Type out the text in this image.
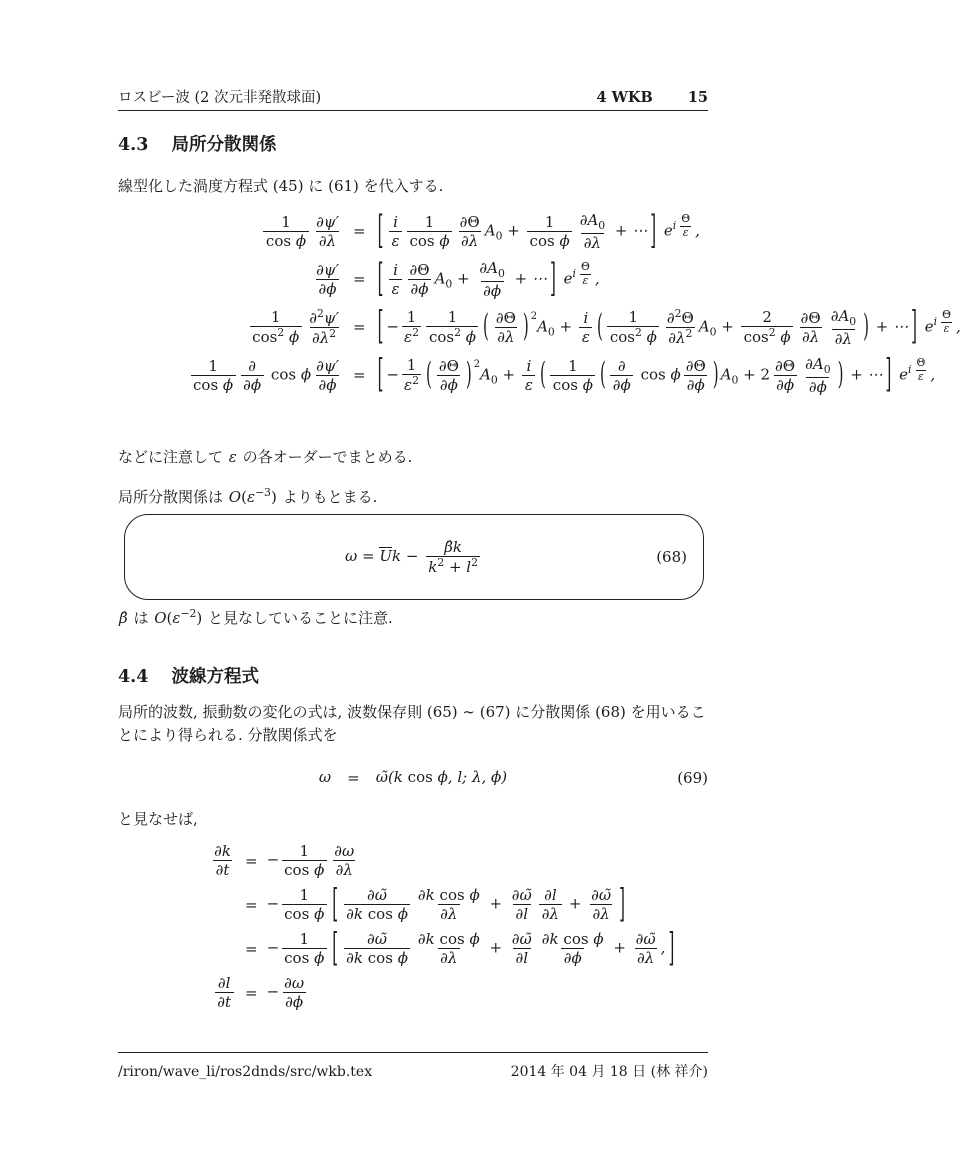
ロスビー波 (2 次元非発散球面)	4 WKB 15
4.3 局所分散関係

線型化した渦度方程式 (45) に (61) を代入する.

$\frac{1}{\text{cos ϕ}} \frac{\partial\psi'}{\partial\lambda}$ = [ $\frac{i}{\varepsilon} \frac{1}{\text{cos ϕ}} \frac{\partial\Theta}{\partial\lambda} A_0 + \frac{1}{\text{cos ϕ}} \frac{\partial A_0}{\partial\lambda}$ + ⋯ ] $e^{i \frac{\Theta}{\varepsilon}}$ ,
$\frac{\partial\psi'}{\partial\phi}$ = [ $\frac{i}{\varepsilon} \frac{\partial\Theta}{\partial\phi} A_0 + \frac{\partial A_0}{\partial\phi}$ + ⋯ ] $e^{i \frac{\Theta}{\varepsilon}}$ ,
$\frac{1}{\cos^2 \phi} \frac{\partial^2\psi'}{\partial\lambda^2}$ = [ − $\frac{1}{\varepsilon^2} \frac{1}{\cos^2 \phi}$ ( $\frac{\partial\Theta}{\partial\lambda}$ ) $^2A_0 + \frac{i}{\varepsilon}$ ( $\frac{1}{\cos^2 \phi} \frac{\partial^2\Theta}{\partial\lambda^2} A_0 + \frac{2}{\cos^2 \phi} \frac{\partial\Theta}{\partial\lambda} \frac{\partial A_0}{\partial\lambda}$ ) + ⋯ ] $e^{i \frac{\Theta}{\varepsilon}}$ ,
$\frac{1}{\text{cos ϕ}}$ ∂
∂ϕ
cos ϕ $\frac{\partial\psi'}{\partial\phi}$ = [ − $\frac{1}{\varepsilon^2}$ ( $\frac{\partial\Theta}{\partial\phi}$ ) $^2A_0 + \frac{i}{\varepsilon}$ ( $\frac{1}{\text{cos ϕ}}$ ( ∂
∂ϕ
cos ϕ $\frac{\partial\Theta}{\partial\phi}$ ) $A_0 + 2 \frac{\partial\Theta}{\partial\phi} \frac{\partial A_0}{\partial\phi}$ ) + ⋯ ] $e^{i \frac{\Theta}{\varepsilon}}$ ,

などに注意して ε の各オーダーでまとめる.

局所分散関係は $O(\varepsilon^{-3})$ よりもとまる.

$\omega = Uk - \frac{\betâk}{k^2 + l^2}$	(68)

β̂ は $O(\varepsilon^{-2})$ と見なしていることに注意.

4.4 波線方程式

局所的波数, 振動数の変化の式は, 波数保存則 (65) ∼ (67) に分散関係 (68) を用いることにより得られる. 分散関係式を

ω = ω̃(k cos ϕ, l; λ, ϕ)	(69)

と見なせば,

$\frac{\partial k}{\partial t}$ = − $\frac{1}{\text{cos ϕ}} \frac{\partial\omega}{\partial\lambda}$
= − $\frac{1}{\text{cos ϕ}}$ [ $\frac{\partial\omegã}{\text{∂k cos ϕ}} \frac{\text{∂k cos ϕ}}{\partial\lambda} + \frac{\partial\omegã}{\partial l} \frac{\partial l}{\partial\lambda} + \frac{\partial\omegã}{\partial\lambda}$ ]
= − $\frac{1}{\text{cos ϕ}}$ [ $\frac{\partial\omegã}{\text{∂k cos ϕ}} \frac{\text{∂k cos ϕ}}{\partial\lambda} + \frac{\partial\omegã}{\partial l} \frac{\text{∂k cos ϕ}}{\partial\phi} + \frac{\partial\omegã}{\partial\lambda}$ , ]
$\frac{\partial l}{\partial t}$ = − $\frac{\partial\omega}{\partial\phi}$
/riron/wave_li/ros2dnds/src/wkb.tex	2014 年 04 月 18 日 (林 祥介)
